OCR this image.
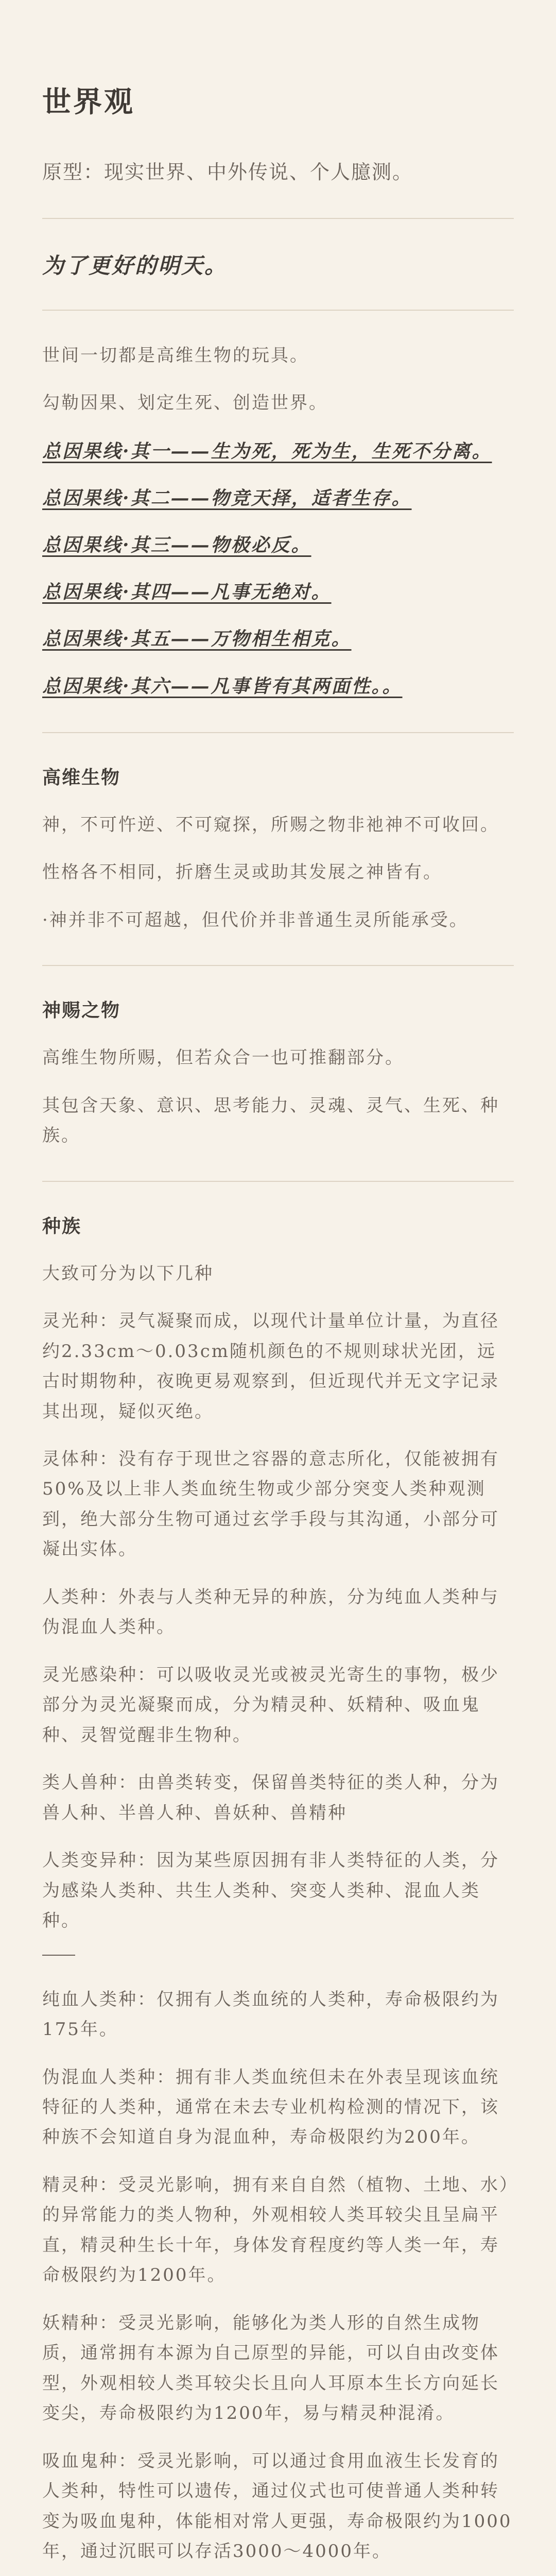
世界观

原型：现实世界、中外传说、个人臆测。

为了更好的明天。

世间一切都是高维生物的玩具。

勾勒因果、划定生死、创造世界。

总因果线·其一——生为死，死为生，生死不分离。

总因果线·其二——物竞天择，适者生存。

总因果线·其三——物极必反。

总因果线·其四——凡事无绝对。

总因果线·其五——万物相生相克。

总因果线·其六——凡事皆有其两面性。。

高维生物

神，不可忤逆、不可窥探，所赐之物非祂神不可收回。

性格各不相同，折磨生灵或助其发展之神皆有。

·神并非不可超越，但代价并非普通生灵所能承受。

神赐之物

高维生物所赐，但若众合一也可推翻部分。

其包含天象、意识、思考能力、灵魂、灵气、生死、种族。

种族

大致可分为以下几种

灵光种：灵气凝聚而成，以现代计量单位计量，为直径约2.33cm～0.03cm随机颜色的不规则球状光团，远古时期物种，夜晚更易观察到，但近现代并无文字记录其出现，疑似灭绝。

灵体种：没有存于现世之容器的意志所化，仅能被拥有50%及以上非人类血统生物或少部分突变人类种观测到，绝大部分生物可通过玄学手段与其沟通，小部分可凝出实体。

人类种：外表与人类种无异的种族，分为纯血人类种与伪混血人类种。

灵光感染种：可以吸收灵光或被灵光寄生的事物，极少部分为灵光凝聚而成，分为精灵种、妖精种、吸血鬼种、灵智觉醒非生物种。

类人兽种：由兽类转变，保留兽类特征的类人种，分为兽人种、半兽人种、兽妖种、兽精种

人类变异种：因为某些原因拥有非人类特征的人类，分为感染人类种、共生人类种、突变人类种、混血人类种。

纯血人类种：仅拥有人类血统的人类种，寿命极限约为175年。

伪混血人类种：拥有非人类血统但未在外表呈现该血统特征的人类种，通常在未去专业机构检测的情况下，该种族不会知道自身为混血种，寿命极限约为200年。

精灵种：受灵光影响，拥有来自自然（植物、土地、水）的异常能力的类人物种，外观相较人类耳较尖且呈扁平直，精灵种生长十年，身体发育程度约等人类一年，寿命极限约为1200年。

妖精种：受灵光影响，能够化为类人形的自然生成物质，通常拥有本源为自己原型的异能，可以自由改变体型，外观相较人类耳较尖长且向人耳原本生长方向延长变尖，寿命极限约为1200年，易与精灵种混淆。

吸血鬼种：受灵光影响，可以通过食用血液生长发育的人类种，特性可以遗传，通过仪式也可使普通人类种转变为吸血鬼种，体能相对常人更强，寿命极限约为1000年，通过沉眠可以存活3000～4000年。
